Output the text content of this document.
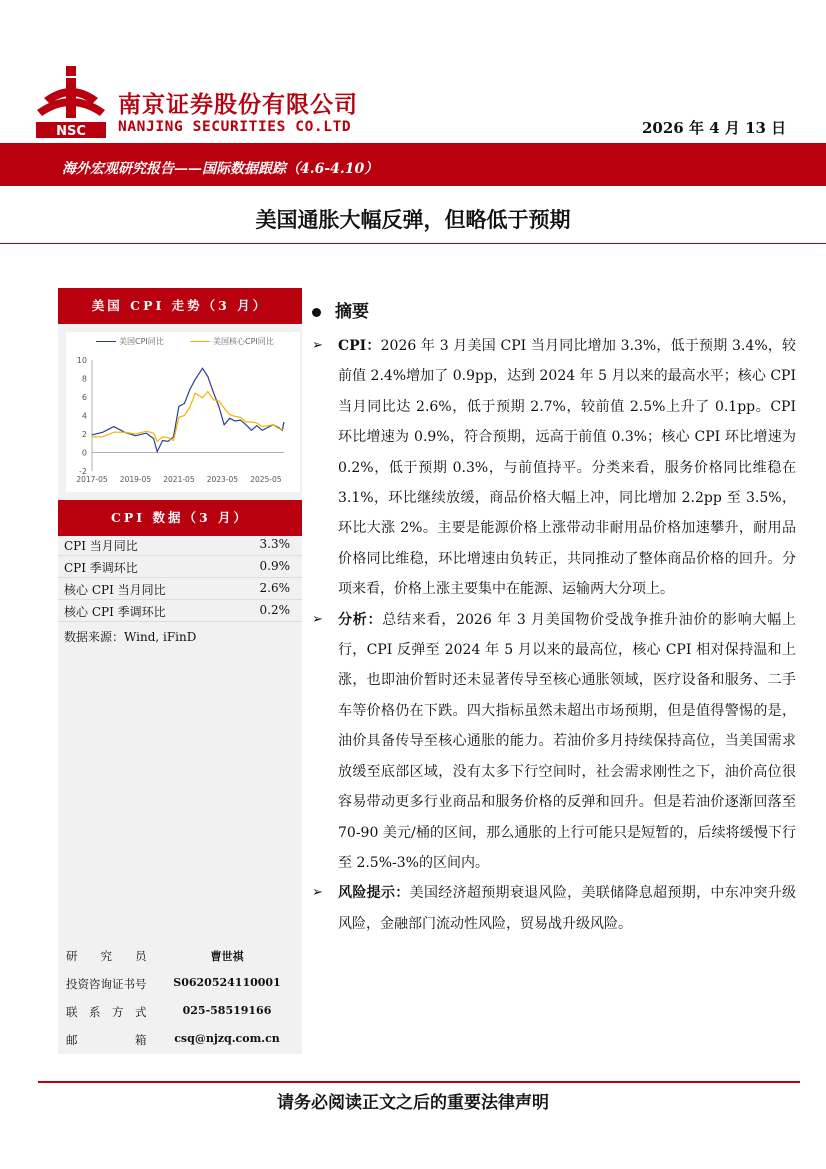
NSC
南京证券股份有限公司
NANJING SECURITIES CO.LTD	2026 年 4 月 13 日
海外宏观研究报告——国际数据跟踪（4.6-4.10）
美国通胀大幅反弹，但略低于预期
美国 CPI 走势（3 月）
美国CPI同比	美国核心CPI同比
-2
0
2
4
6
8
10
2017-05 2019-05 2021-05 2023-05 2025-05
CPI 数据（3 月）
CPI 当月同比	3.3%
CPI 季调环比	0.9%
核心 CPI 当月同比	2.6%
核心 CPI 季调环比	0.2%
数据来源：Wind, iFinD
研　　究　　员	曹世祺
投资咨询证书号	S0620524110001
联　系　方　式	025-58519166
邮　　　　　箱	csq@njzq.com.cn
摘要
➢ CPI：2026 年 3 月美国 CPI 当月同比增加 3.3%，低于预期 3.4%，较前值 2.4%增加了 0.9pp，达到 2024 年 5 月以来的最高水平；核心 CPI 当月同比达 2.6%，低于预期 2.7%，较前值 2.5%上升了 0.1pp。CPI 环比增速为 0.9%，符合预期，远高于前值 0.3%；核心 CPI 环比增速为 0.2%，低于预期 0.3%，与前值持平。分类来看，服务价格同比维稳在 3.1%，环比继续放缓，商品价格大幅上冲，同比增加 2.2pp 至 3.5%，环比大涨 2%。主要是能源价格上涨带动非耐用品价格加速攀升，耐用品价格同比维稳，环比增速由负转正，共同推动了整体商品价格的回升。分项来看，价格上涨主要集中在能源、运输两大分项上。
➢ 分析：总结来看，2026 年 3 月美国物价受战争推升油价的影响大幅上行，CPI 反弹至 2024 年 5 月以来的最高位，核心 CPI 相对保持温和上涨，也即油价暂时还未显著传导至核心通胀领域，医疗设备和服务、二手车等价格仍在下跌。四大指标虽然未超出市场预期，但是值得警惕的是，油价具备传导至核心通胀的能力。若油价多月持续保持高位，当美国需求放缓至底部区域，没有太多下行空间时，社会需求刚性之下，油价高位很容易带动更多行业商品和服务价格的反弹和回升。但是若油价逐渐回落至 70-90 美元/桶的区间，那么通胀的上行可能只是短暂的，后续将缓慢下行至 2.5%-3%的区间内。
➢ 风险提示：美国经济超预期衰退风险，美联储降息超预期，中东冲突升级风险，金融部门流动性风险，贸易战升级风险。
请务必阅读正文之后的重要法律声明
